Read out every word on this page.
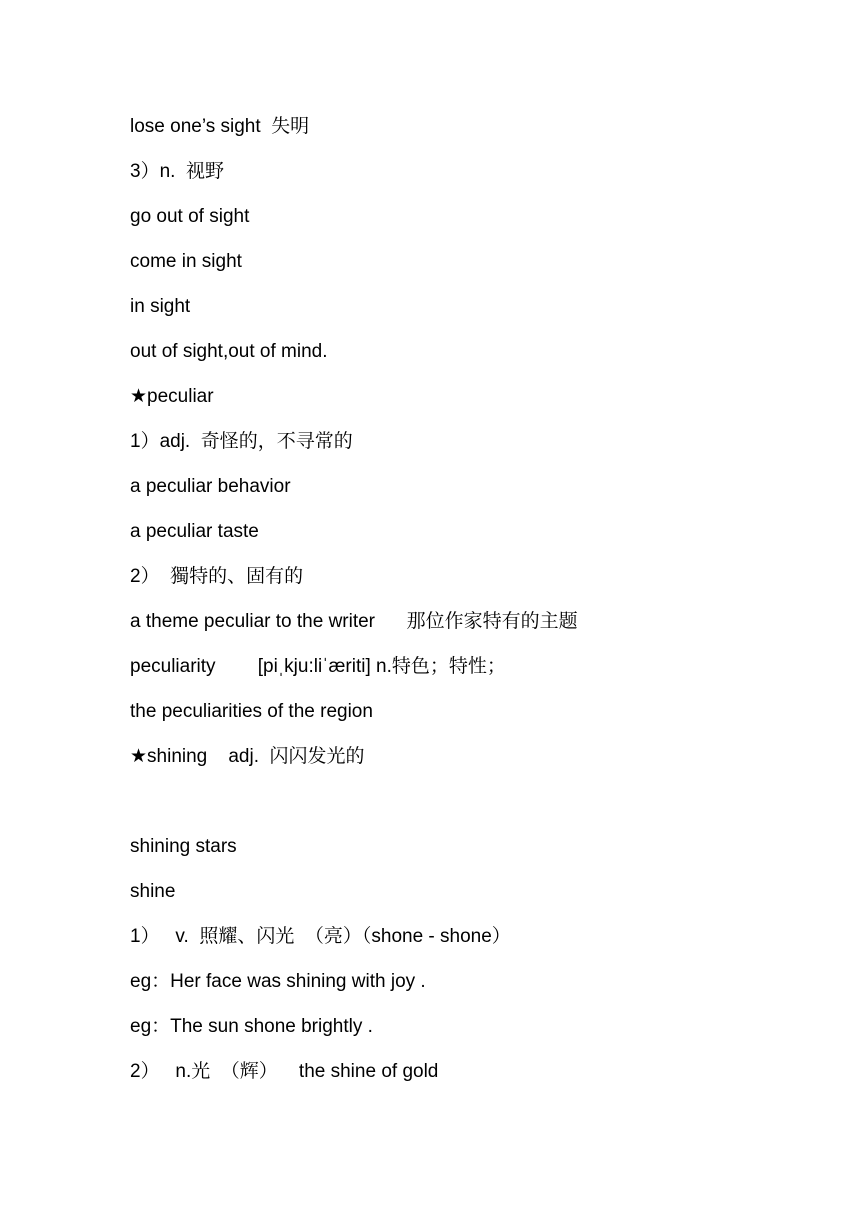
lose one’s sight  失明
3）n.  视野
go out of sight
come in sight
in sight
out of sight,out of mind.
★peculiar
1）adj.  奇怪的，不寻常的
a peculiar behavior
a peculiar taste
2）  獨特的、固有的
a theme peculiar to the writer      那位作家特有的主题
peculiarity        [piˌkju:liˈæriti] n.特色；特性；
the peculiarities of the region
★shining    adj.  闪闪发光的
shining stars
shine
1）   v.  照耀、闪光  （亮）（shone - shone）
eg：Her face was shining with joy .
eg：The sun shone brightly .
2）   n.光  （辉）    the shine of gold
